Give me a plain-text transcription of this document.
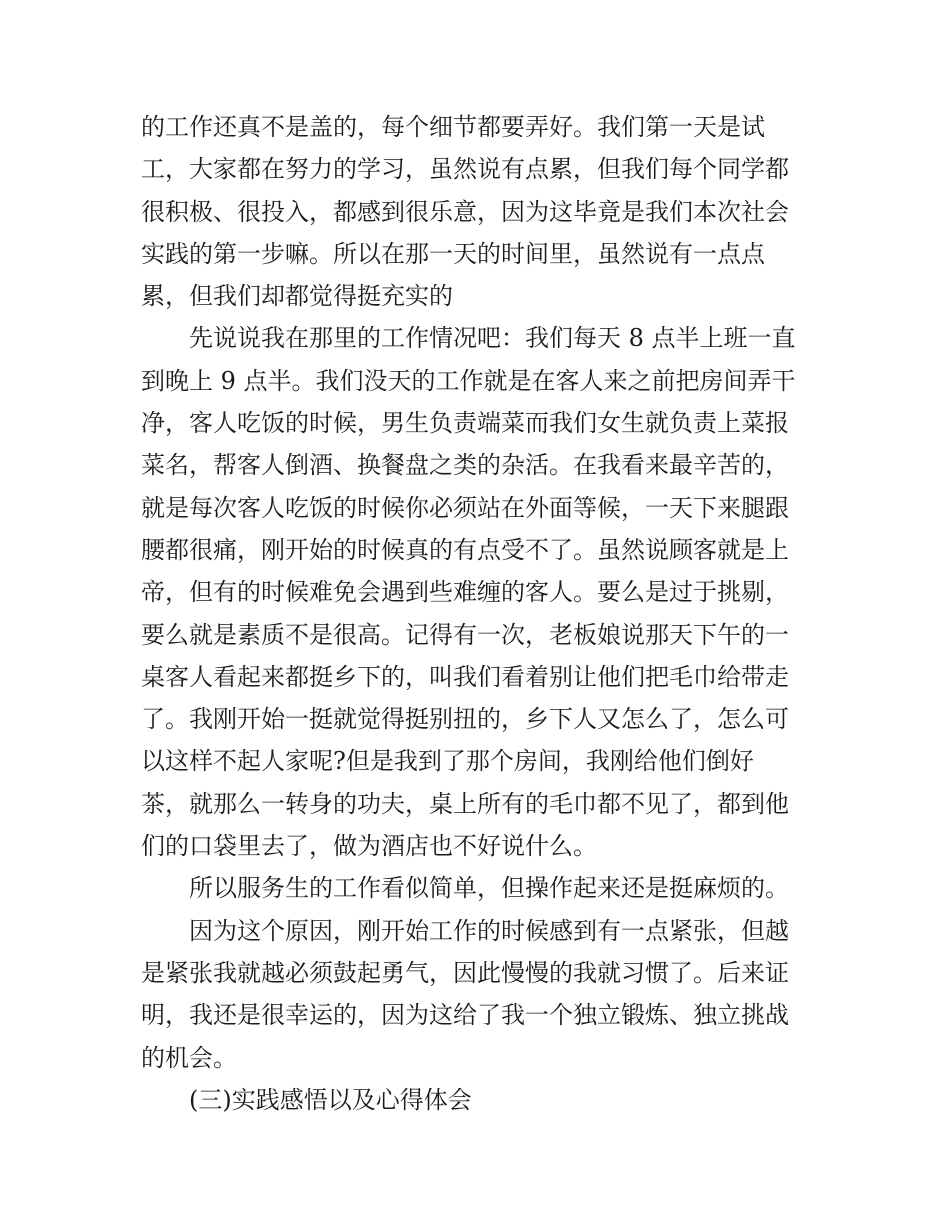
的工作还真不是盖的，每个细节都要弄好。我们第一天是试
工，大家都在努力的学习，虽然说有点累，但我们每个同学都
很积极、很投入，都感到很乐意，因为这毕竟是我们本次社会
实践的第一步嘛。所以在那一天的时间里，虽然说有一点点
累，但我们却都觉得挺充实的
先说说我在那里的工作情况吧：我们每天 8 点半上班一直
到晚上 9 点半。我们没天的工作就是在客人来之前把房间弄干
净，客人吃饭的时候，男生负责端菜而我们女生就负责上菜报
菜名，帮客人倒酒、换餐盘之类的杂活。在我看来最辛苦的，
就是每次客人吃饭的时候你必须站在外面等候，一天下来腿跟
腰都很痛，刚开始的时候真的有点受不了。虽然说顾客就是上
帝，但有的时候难免会遇到些难缠的客人。要么是过于挑剔，
要么就是素质不是很高。记得有一次，老板娘说那天下午的一
桌客人看起来都挺乡下的，叫我们看着别让他们把毛巾给带走
了。我刚开始一挺就觉得挺别扭的，乡下人又怎么了，怎么可
以这样不起人家呢?但是我到了那个房间，我刚给他们倒好
茶，就那么一转身的功夫，桌上所有的毛巾都不见了，都到他
们的口袋里去了，做为酒店也不好说什么。
所以服务生的工作看似简单，但操作起来还是挺麻烦的。
因为这个原因，刚开始工作的时候感到有一点紧张，但越
是紧张我就越必须鼓起勇气，因此慢慢的我就习惯了。后来证
明，我还是很幸运的，因为这给了我一个独立锻炼、独立挑战
的机会。
(三)实践感悟以及心得体会
